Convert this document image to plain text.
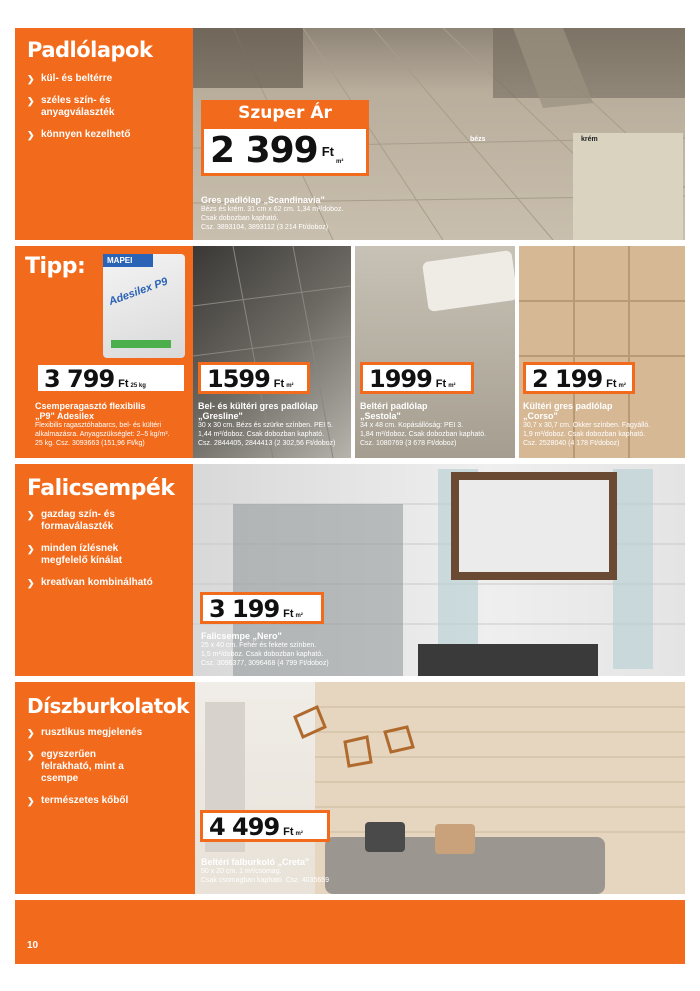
Padlólapok
❯ kül- és beltérre
❯ széles szín- és anyagválaszték
❯ könnyen kezelhető
Szuper Ár
2 399 Ft
m²
bézs	krém
Gres padlólap „Scandinavia"
Bézs és krém. 31 cm x 62 cm. 1,34 m²/doboz.
Csak dobozban kapható.
Csz. 3893104, 3893112 (3 214 Ft/doboz)
Tipp:	MAPEI
Adesilex P9
3 799 Ft 25 kg	1599 Ft m²	1999 Ft m²	2 199 Ft m²
Csemperagasztó flexibilis
„P9" Adesilex
Flexibilis ragasztóhabarcs, bel- és kültéri
alkalmazásra. Anyagszükséglet: 2–5 kg/m².
25 kg. Csz. 3093663 (151,96 Ft/kg)
Bel- és kültéri gres padlólap
„Gresline"
30 x 30 cm. Bézs és szürke színben. PEI 5.
1,44 m²/doboz. Csak dobozban kapható.
Csz. 2844405, 2844413 (2 302,56 Ft/doboz)
Beltéri padlólap
„Sestola"
34 x 48 cm. Kopásállóság: PEI 3.
1,84 m²/doboz. Csak dobozban kapható.
Csz. 1080769 (3 678 Ft/doboz)
Kültéri gres padlólap
„Corso"
30,7 x 30,7 cm. Okker színben. Fagyálló.
1,9 m²/doboz. Csak dobozban kapható.
Csz. 2528040 (4 178 Ft/doboz)
Falicsempék
❯ gazdag szín- és formaválaszték
❯ minden ízlésnek megfelelő kínálat
❯ kreatívan kombinálható
3 199 Ft m²
Falicsempe „Nero"
25 x 40 cm. Fehér és fekete színben.
1,5 m²/doboz. Csak dobozban kapható.
Csz. 3096377, 3096468 (4 799 Ft/doboz)
Díszburkolatok
❯ rusztikus megjelenés
❯ egyszerűen felrakható, mint a csempe
❯ természetes kőből
4 499 Ft m²
Beltéri falburkoló „Creta"
50 x 20 cm. 1 m²/csomag.
Csak csomagban kapható. Csz. 4035659
10
